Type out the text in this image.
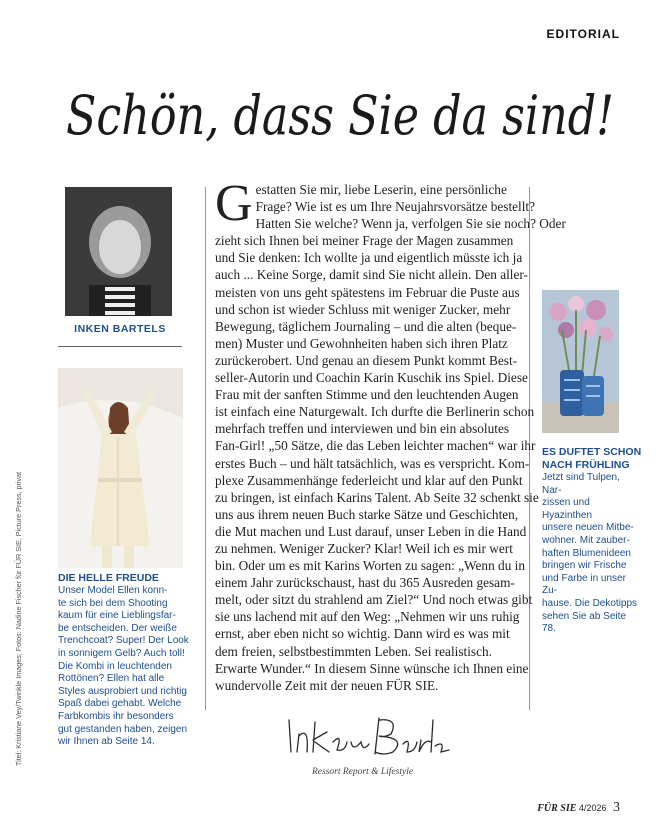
EDITORIAL
Schön, dass Sie da sind!
INKEN BARTELS
DIE HELLE FREUDE

Unser Model Ellen konn-
te sich bei dem Shooting
kaum für eine Lieblingsfar-
be entscheiden. Der weiße
Trenchcoat? Super! Der Look
in sonnigem Gelb? Auch toll!
Die Kombi in leuchtenden
Rottönen? Ellen hat alle
Styles ausprobiert und richtig
Spaß dabei gehabt. Welche
Farbkombis ihr besonders
gut gestanden haben, zeigen
wir Ihnen ab Seite 14.

Titel: Kristiane Vey/Twinkle Images; Fotos: Nadine Fischer für FÜR SIE, Picture Press, privat
Gestatten Sie mir, liebe Leserin, eine persönliche
Frage? Wie ist es um Ihre Neujahrsvorsätze bestellt?
Hatten Sie welche? Wenn ja, verfolgen Sie sie noch? Oder
zieht sich Ihnen bei meiner Frage der Magen zusammen
und Sie denken: Ich wollte ja und eigentlich müsste ich ja
auch ... Keine Sorge, damit sind Sie nicht allein. Den aller-
meisten von uns geht spätestens im Februar die Puste aus
und schon ist wieder Schluss mit weniger Zucker, mehr
Bewegung, täglichem Journaling – und die alten (beque-
men) Muster und Gewohnheiten haben sich ihren Platz
zurückerobert. Und genau an diesem Punkt kommt Best-
seller-Autorin und Coachin Karin Kuschik ins Spiel. Diese
Frau mit der sanften Stimme und den leuchtenden Augen
ist einfach eine Naturgewalt. Ich durfte die Berlinerin schon
mehrfach treffen und interviewen und bin ein absolutes
Fan-Girl! „50 Sätze, die das Leben leichter machen“ war ihr
erstes Buch – und hält tatsächlich, was es verspricht. Kom-
plexe Zusammenhänge federleicht und klar auf den Punkt
zu bringen, ist einfach Karins Talent. Ab Seite 32 schenkt sie
uns aus ihrem neuen Buch starke Sätze und Geschichten,
die Mut machen und Lust darauf, unser Leben in die Hand
zu nehmen. Weniger Zucker? Klar! Weil ich es mir wert
bin. Oder um es mit Karins Worten zu sagen: „Wenn du in
einem Jahr zurückschaust, hast du 365 Ausreden gesam-
melt, oder sitzt du strahlend am Ziel?“ Und noch etwas gibt
sie uns lachend mit auf den Weg: „Nehmen wir uns ruhig
ernst, aber eben nicht so wichtig. Dann wird es was mit
dem freien, selbstbestimmten Leben. Sei realistisch.
Erwarte Wunder.“ In diesem Sinne wünsche ich Ihnen eine
wundervolle Zeit mit der neuen FÜR SIE.
Ressort Report & Lifestyle
ES DUFTET SCHON
NACH FRÜHLING

Jetzt sind Tulpen, Nar-
zissen und Hyazinthen
unsere neuen Mitbe-
wohner. Mit zauber-
haften Blumenideen
bringen wir Frische
und Farbe in unser Zu-
hause. Die Dekotipps
sehen Sie ab Seite 78.

FÜR SIE 4/2026 3
